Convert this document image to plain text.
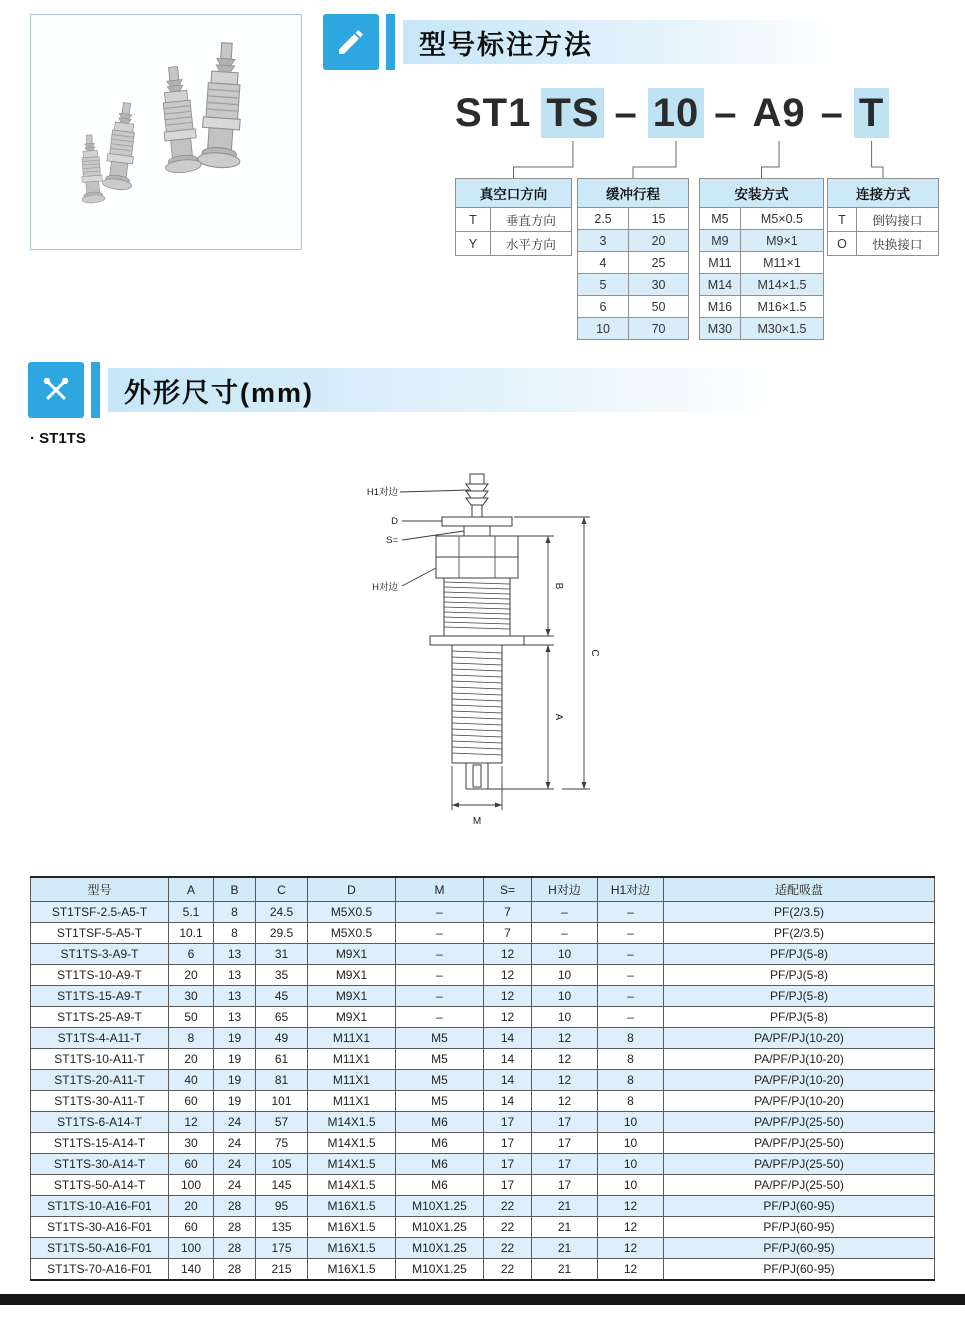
型号标注方法
ST1 TS – 10 – A9 – T
真空口方向	
T	垂直方向
Y	水平方向
缓冲行程	
2.5	15
3	20
4	25
5	30
6	50
10	70
安装方式	
M5	M5×0.5
M9	M9×1
M11	M11×1
M14	M14×1.5
M16	M16×1.5
M30	M30×1.5
连接方式	
T	倒钩接口
O	快换接口
外形尺寸(mm)
· ST1TS
H1对边
D
S=
H对边	B
A
C
M
型号	A	B	C	D	M	S=	H对边	H1对边	适配吸盘
ST1TSF-2.5-A5-T	5.1	8	24.5	M5X0.5	–	7	–	–	PF(2/3.5)
ST1TSF-5-A5-T	10.1	8	29.5	M5X0.5	–	7	–	–	PF(2/3.5)
ST1TS-3-A9-T	6	13	31	M9X1	–	12	10	–	PF/PJ(5-8)
ST1TS-10-A9-T	20	13	35	M9X1	–	12	10	–	PF/PJ(5-8)
ST1TS-15-A9-T	30	13	45	M9X1	–	12	10	–	PF/PJ(5-8)
ST1TS-25-A9-T	50	13	65	M9X1	–	12	10	–	PF/PJ(5-8)
ST1TS-4-A11-T	8	19	49	M11X1	M5	14	12	8	PA/PF/PJ(10-20)
ST1TS-10-A11-T	20	19	61	M11X1	M5	14	12	8	PA/PF/PJ(10-20)
ST1TS-20-A11-T	40	19	81	M11X1	M5	14	12	8	PA/PF/PJ(10-20)
ST1TS-30-A11-T	60	19	101	M11X1	M5	14	12	8	PA/PF/PJ(10-20)
ST1TS-6-A14-T	12	24	57	M14X1.5	M6	17	17	10	PA/PF/PJ(25-50)
ST1TS-15-A14-T	30	24	75	M14X1.5	M6	17	17	10	PA/PF/PJ(25-50)
ST1TS-30-A14-T	60	24	105	M14X1.5	M6	17	17	10	PA/PF/PJ(25-50)
ST1TS-50-A14-T	100	24	145	M14X1.5	M6	17	17	10	PA/PF/PJ(25-50)
ST1TS-10-A16-F01	20	28	95	M16X1.5	M10X1.25	22	21	12	PF/PJ(60-95)
ST1TS-30-A16-F01	60	28	135	M16X1.5	M10X1.25	22	21	12	PF/PJ(60-95)
ST1TS-50-A16-F01	100	28	175	M16X1.5	M10X1.25	22	21	12	PF/PJ(60-95)
ST1TS-70-A16-F01	140	28	215	M16X1.5	M10X1.25	22	21	12	PF/PJ(60-95)
